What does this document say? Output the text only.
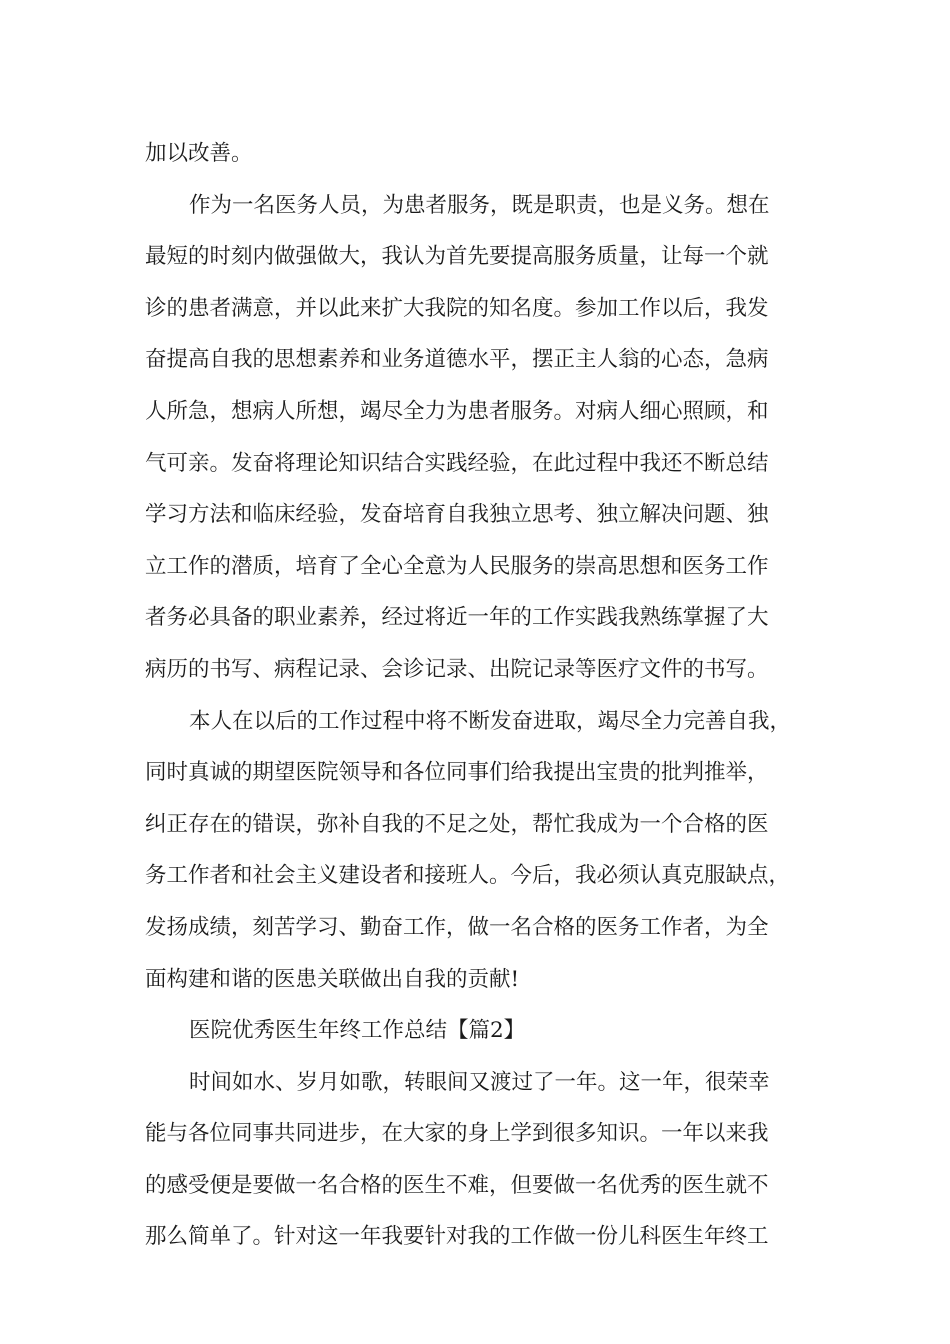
加以改善。
作为一名医务人员，为患者服务，既是职责，也是义务。想在
最短的时刻内做强做大，我认为首先要提高服务质量，让每一个就
诊的患者满意，并以此来扩大我院的知名度。参加工作以后，我发
奋提高自我的思想素养和业务道德水平，摆正主人翁的心态，急病
人所急，想病人所想，竭尽全力为患者服务。对病人细心照顾，和
气可亲。发奋将理论知识结合实践经验，在此过程中我还不断总结
学习方法和临床经验，发奋培育自我独立思考、独立解决问题、独
立工作的潜质，培育了全心全意为人民服务的崇高思想和医务工作
者务必具备的职业素养，经过将近一年的工作实践我熟练掌握了大
病历的书写、病程记录、会诊记录、出院记录等医疗文件的书写。
本人在以后的工作过程中将不断发奋进取，竭尽全力完善自我，
同时真诚的期望医院领导和各位同事们给我提出宝贵的批判推举，
纠正存在的错误，弥补自我的不足之处，帮忙我成为一个合格的医
务工作者和社会主义建设者和接班人。今后，我必须认真克服缺点，
发扬成绩，刻苦学习、勤奋工作，做一名合格的医务工作者，为全
面构建和谐的医患关联做出自我的贡献!
医院优秀医生年终工作总结【篇2】
时间如水、岁月如歌，转眼间又渡过了一年。这一年，很荣幸
能与各位同事共同进步，在大家的身上学到很多知识。一年以来我
的感受便是要做一名合格的医生不难，但要做一名优秀的医生就不
那么简单了。针对这一年我要针对我的工作做一份儿科医生年终工
